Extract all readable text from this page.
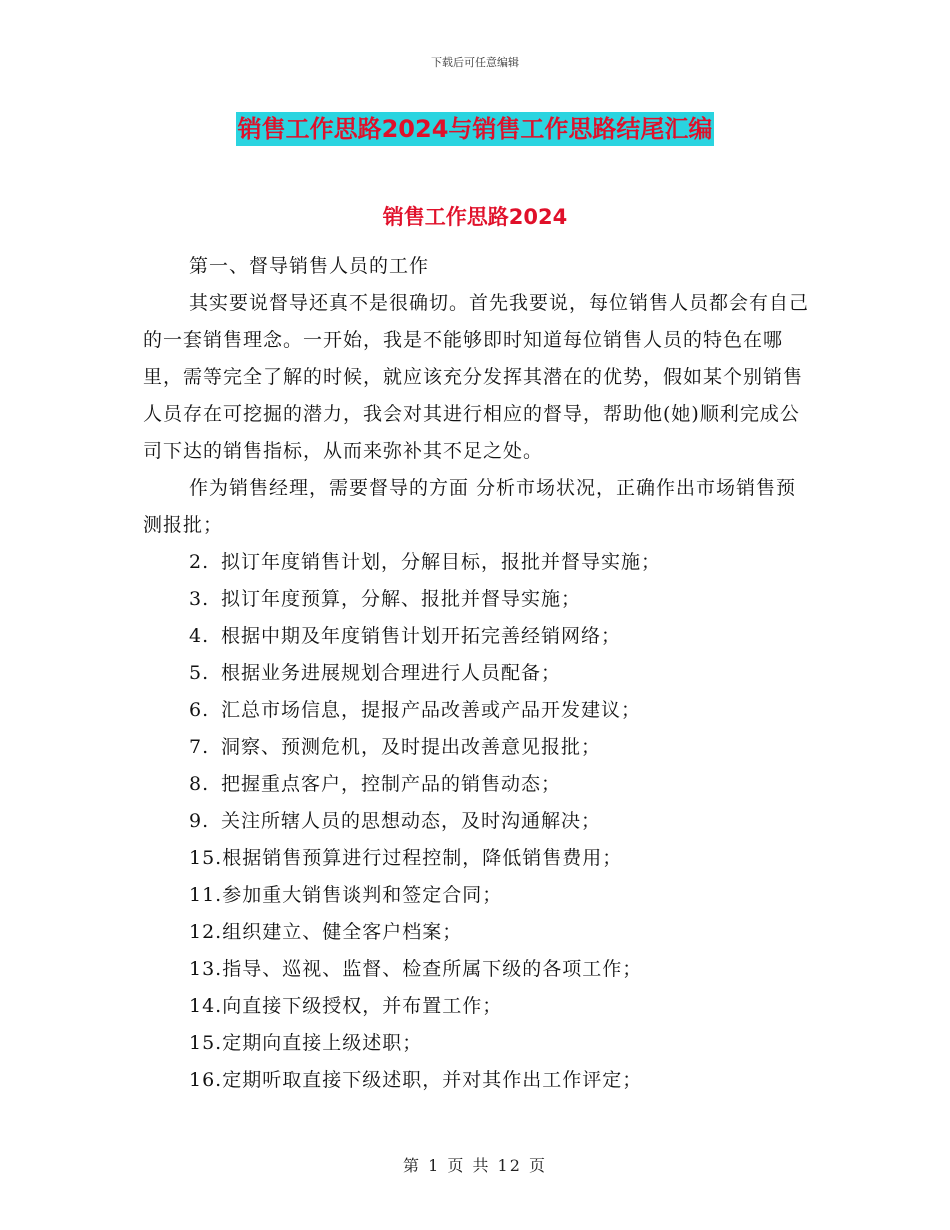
下载后可任意编辑
销售工作思路2024与销售工作思路结尾汇编
销售工作思路2024

第一、督导销售人员的工作

其实要说督导还真不是很确切。首先我要说，每位销售人员都会有自己的一套销售理念。一开始，我是不能够即时知道每位销售人员的特色在哪里，需等完全了解的时候，就应该充分发挥其潜在的优势，假如某个别销售人员存在可挖掘的潜力，我会对其进行相应的督导，帮助他(她)顺利完成公司下达的销售指标，从而来弥补其不足之处。

作为销售经理，需要督导的方面 分析市场状况，正确作出市场销售预测报批；

2. 拟订年度销售计划，分解目标，报批并督导实施；

3. 拟订年度预算，分解、报批并督导实施；

4. 根据中期及年度销售计划开拓完善经销网络；

5. 根据业务进展规划合理进行人员配备；

6. 汇总市场信息，提报产品改善或产品开发建议；

7. 洞察、预测危机，及时提出改善意见报批；

8. 把握重点客户，控制产品的销售动态；

9. 关注所辖人员的思想动态，及时沟通解决；

15.根据销售预算进行过程控制，降低销售费用；

11.参加重大销售谈判和签定合同；

12.组织建立、健全客户档案；

13.指导、巡视、监督、检查所属下级的各项工作；

14.向直接下级授权，并布置工作；

15.定期向直接上级述职；

16.定期听取直接下级述职，并对其作出工作评定；

第 1 页 共 12 页
